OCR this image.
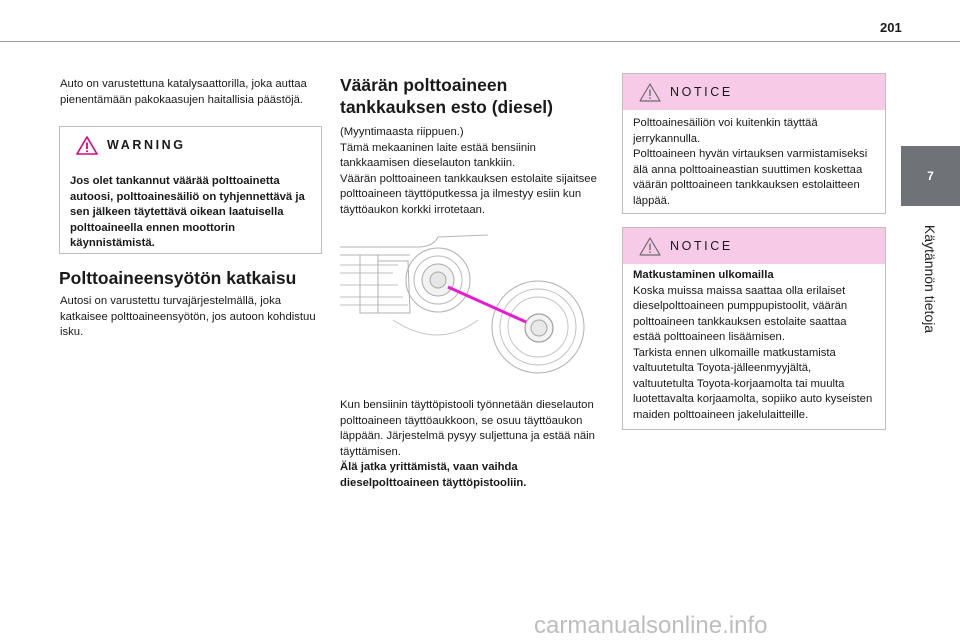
201
7
Käytännön tietoja
Auto on varustettuna katalysaattorilla, joka auttaa pienentämään pakokaasujen haitallisia päästöjä.
WARNING
Jos olet tankannut väärää polttoainetta autoosi, polttoainesäiliö on tyhjennettävä ja sen jälkeen täytettävä oikean laatuisella polttoaineella ennen moottorin käynnistämistä.
Polttoaineensyötön katkaisu
Autosi on varustettu turvajärjestelmällä, joka katkaisee polttoaineensyötön, jos autoon kohdistuu isku.
Väärän polttoaineen tankkauksen esto (diesel)
(Myyntimaasta riippuen.)
Tämä mekaaninen laite estää bensiinin tankkaamisen dieselauton tankkiin.
Väärän polttoaineen tankkauksen estolaite sijaitsee polttoaineen täyttöputkessa ja ilmestyy esiin kun täyttöaukon korkki irrotetaan.
Kun bensiinin täyttöpistooli työnnetään dieselauton polttoaineen täyttöaukkoon, se osuu täyttöaukon läppään. Järjestelmä pysyy suljettuna ja estää näin täyttämisen.
Älä jatka yrittämistä, vaan vaihda dieselpolttoaineen täyttöpistooliin.
NOTICE
Polttoainesäiliön voi kuitenkin täyttää jerrykannulla.
Polttoaineen hyvän virtauksen varmistamiseksi älä anna polttoaineastian suuttimen koskettaa väärän polttoaineen tankkauksen estolaitteen läppää.
NOTICE
Matkustaminen ulkomailla
Koska muissa maissa saattaa olla erilaiset dieselpolttoaineen pumppupistoolit, väärän polttoaineen tankkauksen estolaite saattaa estää polttoaineen lisäämisen.
Tarkista ennen ulkomaille matkustamista valtuutetulta Toyota-jälleenmyyjältä, valtuutetulta Toyota-korjaamolta tai muulta luotettavalta korjaamolta, sopiiko auto kyseisten maiden polttoaineen jakelulaitteille.
carmanualsonline.info
